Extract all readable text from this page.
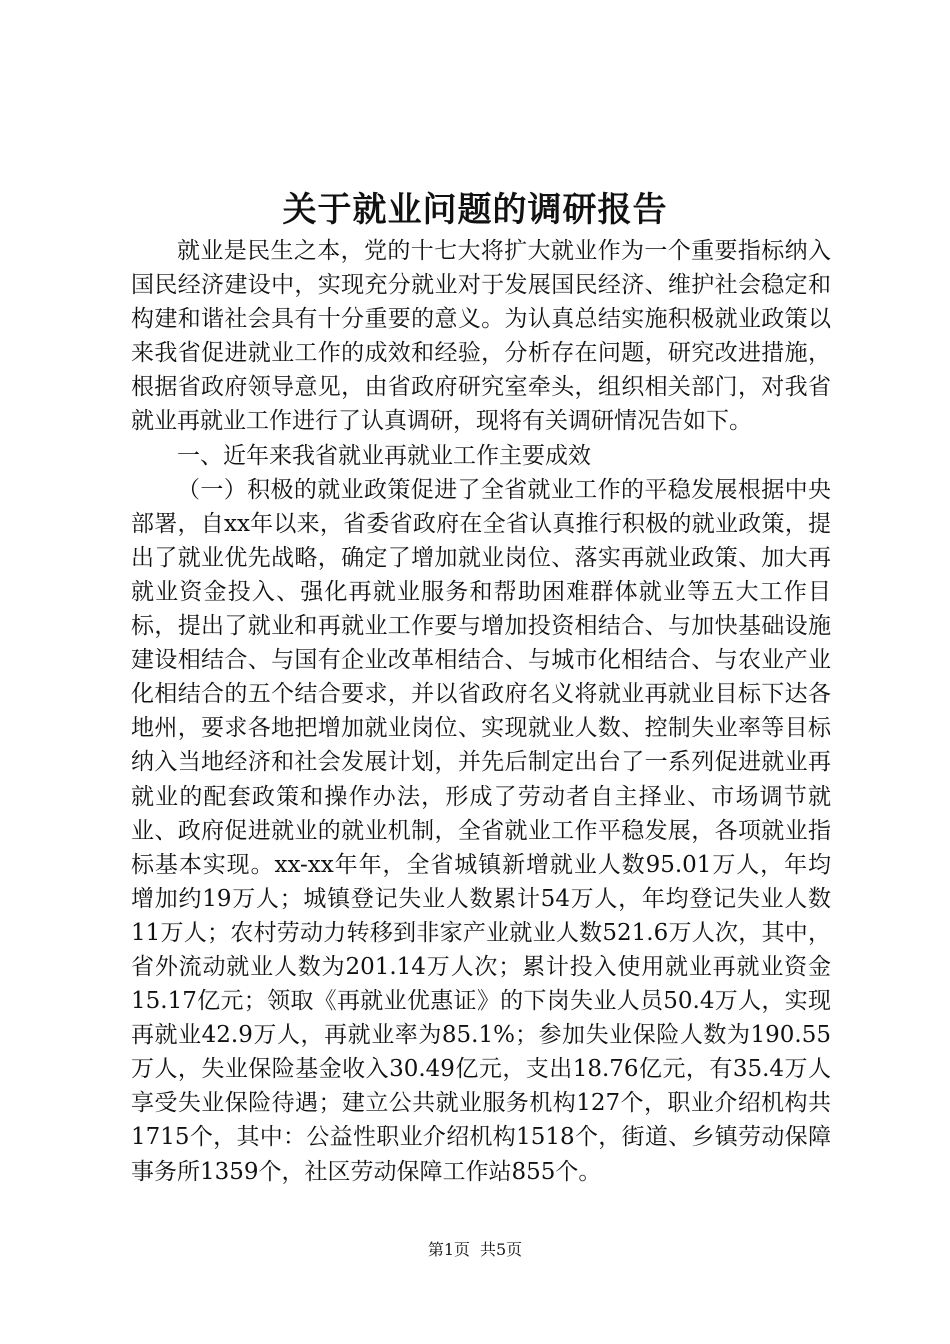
关于就业问题的调研报告

就业是民生之本，党的十七大将扩大就业作为一个重要指标纳入国民经济建设中，实现充分就业对于发展国民经济、维护社会稳定和构建和谐社会具有十分重要的意义。为认真总结实施积极就业政策以来我省促进就业工作的成效和经验，分析存在问题，研究改进措施，根据省政府领导意见，由省政府研究室牵头，组织相关部门，对我省就业再就业工作进行了认真调研，现将有关调研情况告如下。

一、近年来我省就业再就业工作主要成效

（一）积极的就业政策促进了全省就业工作的平稳发展根据中央部署，自xx年以来，省委省政府在全省认真推行积极的就业政策，提出了就业优先战略，确定了增加就业岗位、落实再就业政策、加大再就业资金投入、强化再就业服务和帮助困难群体就业等五大工作目标，提出了就业和再就业工作要与增加投资相结合、与加快基础设施建设相结合、与国有企业改革相结合、与城市化相结合、与农业产业化相结合的五个结合要求，并以省政府名义将就业再就业目标下达各地州，要求各地把增加就业岗位、实现就业人数、控制失业率等目标纳入当地经济和社会发展计划，并先后制定出台了一系列促进就业再就业的配套政策和操作办法，形成了劳动者自主择业、市场调节就业、政府促进就业的就业机制，全省就业工作平稳发展，各项就业指标基本实现。xx-xx年年，全省城镇新增就业人数95.01万人，年均增加约19万人；城镇登记失业人数累计54万人，年均登记失业人数11万人；农村劳动力转移到非家产业就业人数521.6万人次，其中，省外流动就业人数为201.14万人次；累计投入使用就业再就业资金15.17亿元；领取《再就业优惠证》的下岗失业人员50.4万人，实现再就业42.9万人，再就业率为85.1%；参加失业保险人数为190.55万人，失业保险基金收入30.49亿元，支出18.76亿元，有35.4万人享受失业保险待遇；建立公共就业服务机构127个，职业介绍机构共1715个，其中：公益性职业介绍机构1518个，街道、乡镇劳动保障事务所1359个，社区劳动保障工作站855个。

第1页 共5页
